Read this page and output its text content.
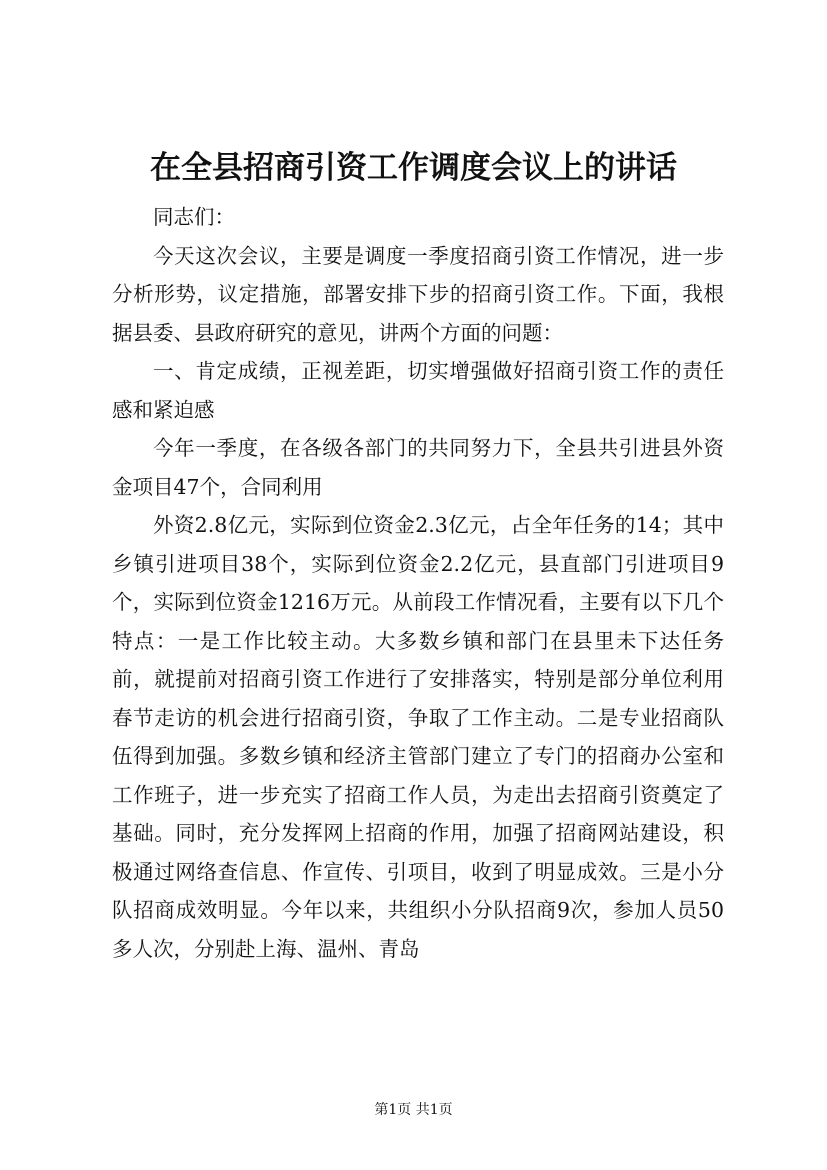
在全县招商引资工作调度会议上的讲话

同志们：

今天这次会议，主要是调度一季度招商引资工作情况，进一步分析形势，议定措施，部署安排下步的招商引资工作。下面，我根据县委、县政府研究的意见，讲两个方面的问题：

一、肯定成绩，正视差距，切实增强做好招商引资工作的责任感和紧迫感

今年一季度，在各级各部门的共同努力下，全县共引进县外资金项目47个，合同利用

外资2.8亿元，实际到位资金2.3亿元，占全年任务的14；其中乡镇引进项目38个，实际到位资金2.2亿元，县直部门引进项目9个，实际到位资金1216万元。从前段工作情况看，主要有以下几个特点：一是工作比较主动。大多数乡镇和部门在县里未下达任务前，就提前对招商引资工作进行了安排落实，特别是部分单位利用春节走访的机会进行招商引资，争取了工作主动。二是专业招商队伍得到加强。多数乡镇和经济主管部门建立了专门的招商办公室和工作班子，进一步充实了招商工作人员，为走出去招商引资奠定了基础。同时，充分发挥网上招商的作用，加强了招商网站建设，积极通过网络查信息、作宣传、引项目，收到了明显成效。三是小分队招商成效明显。今年以来，共组织小分队招商9次，参加人员50多人次，分别赴上海、温州、青岛

第1页 共1页
